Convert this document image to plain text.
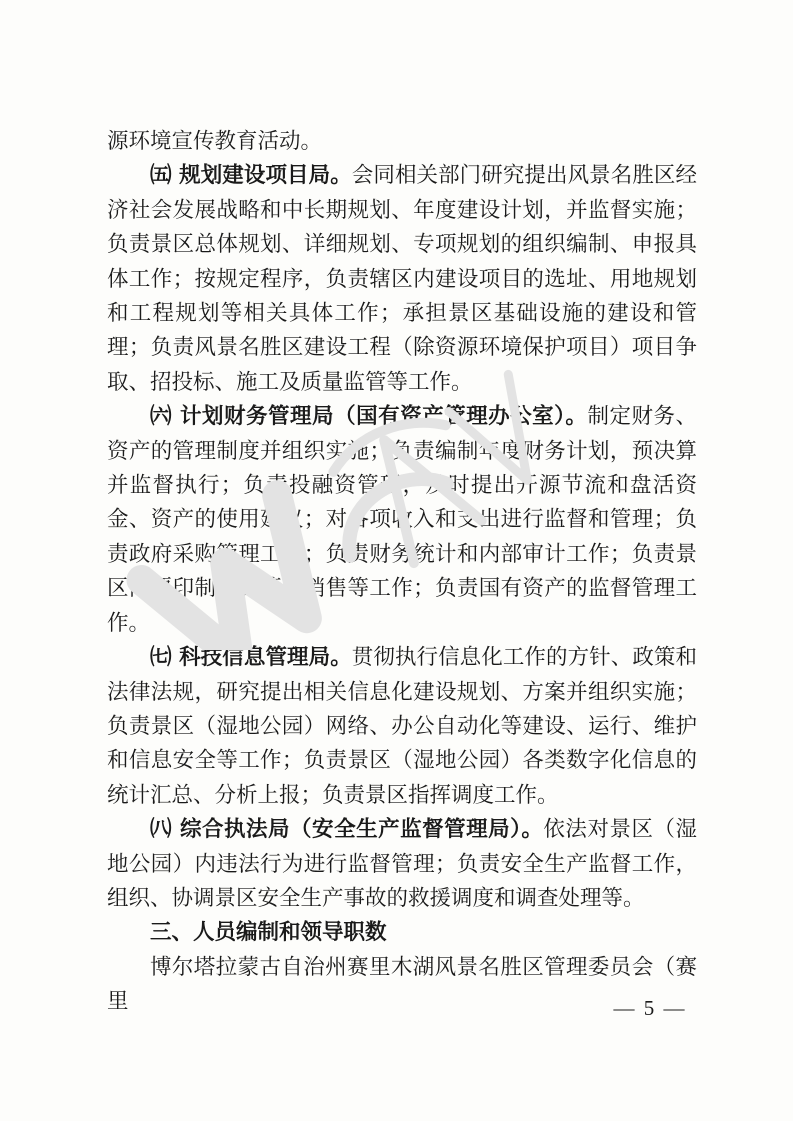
源环境宣传教育活动。

㈤ 规划建设项目局。会同相关部门研究提出风景名胜区经济社会发展战略和中长期规划、年度建设计划，并监督实施；负责景区总体规划、详细规划、专项规划的组织编制、申报具体工作；按规定程序，负责辖区内建设项目的选址、用地规划和工程规划等相关具体工作；承担景区基础设施的建设和管理；负责风景名胜区建设工程（除资源环境保护项目）项目争取、招投标、施工及质量监管等工作。

㈥ 计划财务管理局（国有资产管理办公室）。制定财务、资产的管理制度并组织实施；负责编制年度财务计划，预决算并监督执行；负责投融资管理，及时提出开源节流和盘活资金、资产的使用建议；对各项收入和支出进行监督和管理；负责政府采购管理工作；负责财务统计和内部审计工作；负责景区门票印制、保管、销售等工作；负责国有资产的监督管理工作。

㈦ 科技信息管理局。贯彻执行信息化工作的方针、政策和法律法规，研究提出相关信息化建设规划、方案并组织实施；负责景区（湿地公园）网络、办公自动化等建设、运行、维护和信息安全等工作；负责景区（湿地公园）各类数字化信息的统计汇总、分析上报；负责景区指挥调度工作。

㈧ 综合执法局（安全生产监督管理局）。依法对景区（湿地公园）内违法行为进行监督管理；负责安全生产监督工作，组织、协调景区安全生产事故的救援调度和调查处理等。

三、人员编制和领导职数

博尔塔拉蒙古自治州赛里木湖风景名胜区管理委员会（赛里	— 5 —
